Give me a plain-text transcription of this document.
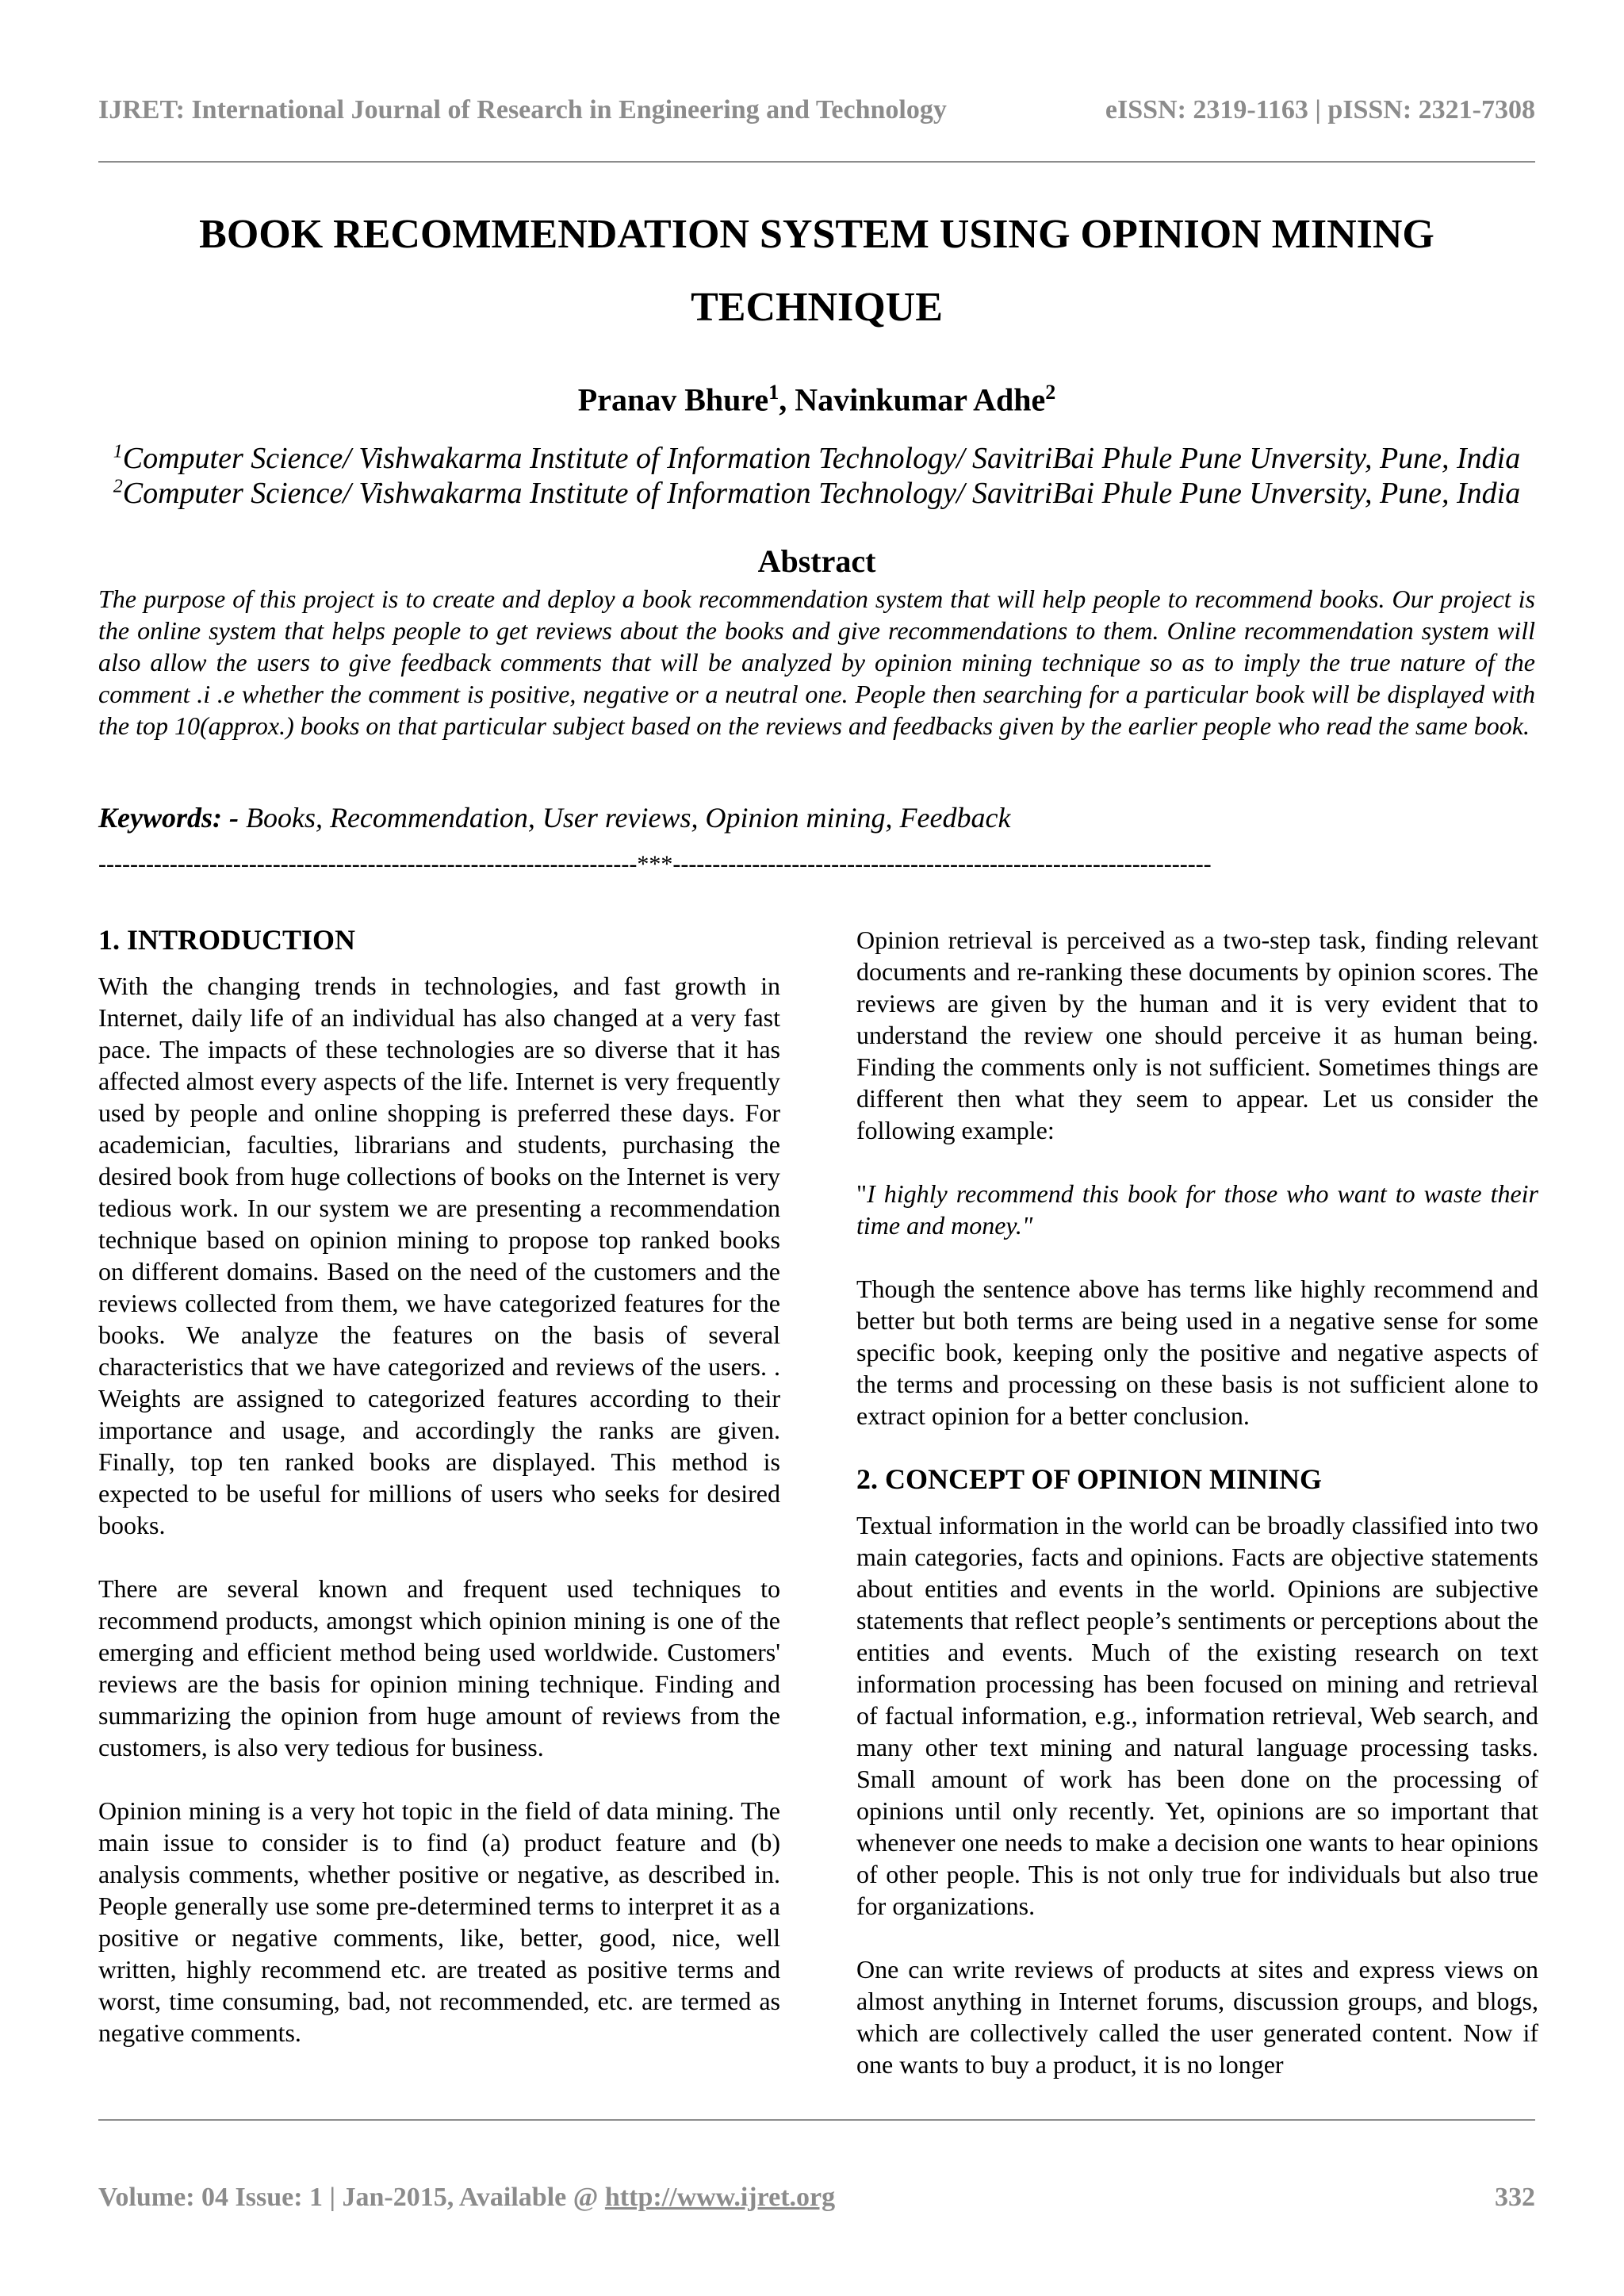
IJRET: International Journal of Research in Engineering and Technology	eISSN: 2319-1163 | pISSN: 2321-7308
BOOK RECOMMENDATION SYSTEM USING OPINION MINING
TECHNIQUE
Pranav Bhure$^1$, Navinkumar Adhe$^2$
$^1$Computer Science/ Vishwakarma Institute of Information Technology/ SavitriBai Phule Pune Unversity, Pune, India
$^2$Computer Science/ Vishwakarma Institute of Information Technology/ SavitriBai Phule Pune Unversity, Pune, India
Abstract
The purpose of this project is to create and deploy a book recommendation system that will help people to recommend books. Our project is the online system that helps people to get reviews about the books and give recommendations to them. Online recommendation system will also allow the users to give feedback comments that will be analyzed by opinion mining technique so as to imply the true nature of the comment .i .e whether the comment is positive, negative or a neutral one. People then searching for a particular book will be displayed with the top 10(approx.) books on that particular subject based on the reviews and feedbacks given by the earlier people who read the same book.
Keywords: - Books, Recommendation, User reviews, Opinion mining, Feedback
--------------------------------------------------------------------***--------------------------------------------------------------------
1. INTRODUCTION

With the changing trends in technologies, and fast growth in Internet, daily life of an individual has also changed at a very fast pace. The impacts of these technologies are so diverse that it has affected almost every aspects of the life. Internet is very frequently used by people and online shopping is preferred these days. For academician, faculties, librarians and students, purchasing the desired book from huge collections of books on the Internet is very tedious work. In our system we are presenting a recommendation technique based on opinion mining to propose top ranked books on different domains. Based on the need of the customers and the reviews collected from them, we have categorized features for the books. We analyze the features on the basis of several characteristics that we have categorized and reviews of the users. . Weights are assigned to categorized features according to their importance and usage, and accordingly the ranks are given. Finally, top ten ranked books are displayed. This method is expected to be useful for millions of users who seeks for desired books.

There are several known and frequent used techniques to recommend products, amongst which opinion mining is one of the emerging and efficient method being used worldwide. Customers' reviews are the basis for opinion mining technique. Finding and summarizing the opinion from huge amount of reviews from the customers, is also very tedious for business.

Opinion mining is a very hot topic in the field of data mining. The main issue to consider is to find (a) product feature and (b) analysis comments, whether positive or negative, as described in. People generally use some pre-determined terms to interpret it as a positive or negative comments, like, better, good, nice, well written, highly recommend etc. are treated as positive terms and worst, time consuming, bad, not recommended, etc. are termed as negative comments.

Opinion retrieval is perceived as a two-step task, finding relevant documents and re-ranking these documents by opinion scores. The reviews are given by the human and it is very evident that to understand the review one should perceive it as human being. Finding the comments only is not sufficient. Sometimes things are different then what they seem to appear. Let us consider the following example:

"I highly recommend this book for those who want to waste their time and money."

Though the sentence above has terms like highly recommend and better but both terms are being used in a negative sense for some specific book, keeping only the positive and negative aspects of the terms and processing on these basis is not sufficient alone to extract opinion for a better conclusion.

2. CONCEPT OF OPINION MINING

Textual information in the world can be broadly classified into two main categories, facts and opinions. Facts are objective statements about entities and events in the world. Opinions are subjective statements that reflect people’s sentiments or perceptions about the entities and events. Much of the existing research on text information processing has been focused on mining and retrieval of factual information, e.g., information retrieval, Web search, and many other text mining and natural language processing tasks. Small amount of work has been done on the processing of opinions until only recently. Yet, opinions are so important that whenever one needs to make a decision one wants to hear opinions of other people. This is not only true for individuals but also true for organizations.

One can write reviews of products at sites and express views on almost anything in Internet forums, discussion groups, and blogs, which are collectively called the user generated content. Now if one wants to buy a product, it is no longer

Volume: 04 Issue: 1 | Jan-2015, Available @ http://www.ijret.org	332
